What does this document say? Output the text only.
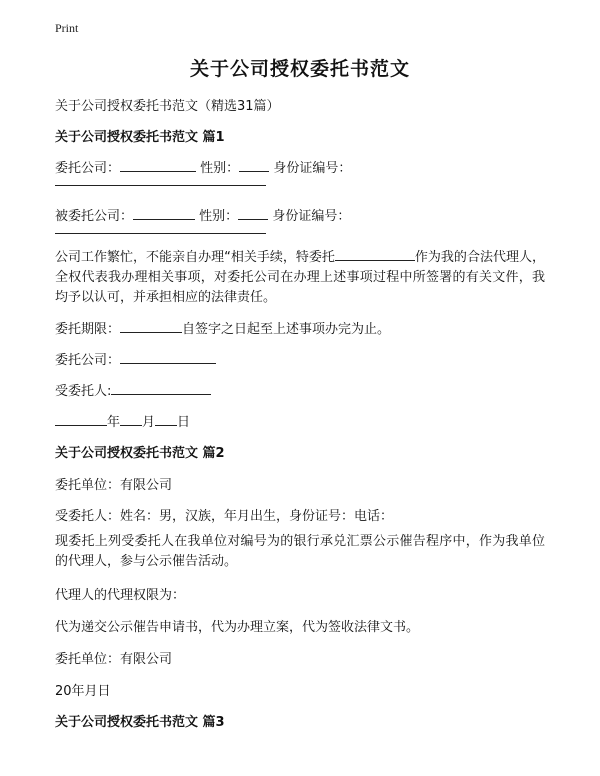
Print
关于公司授权委托书范文
关于公司授权委托书范文（精选31篇）
关于公司授权委托书范文 篇1
委托公司：	性别：	身份证编号：
被委托公司：	性别：	身份证编号：
公司工作繁忙，不能亲自办理“相关手续，特委托	作为我的合法代理人，全权代表我办理相关事项，对委托公司在办理上述事项过程中所签署的有关文件，我均予以认可，并承担相应的法律责任。
委托期限：	自签字之日起至上述事项办完为止。
委托公司：
受委托人:
年 月 日
关于公司授权委托书范文 篇2
委托单位：有限公司
受委托人：姓名：男，汉族，年月出生，身份证号：电话：
现委托上列受委托人在我单位对编号为的银行承兑汇票公示催告程序中，作为我单位的代理人，参与公示催告活动。
代理人的代理权限为：
代为递交公示催告申请书，代为办理立案，代为签收法律文书。
委托单位：有限公司
20年月日
关于公司授权委托书范文 篇3
